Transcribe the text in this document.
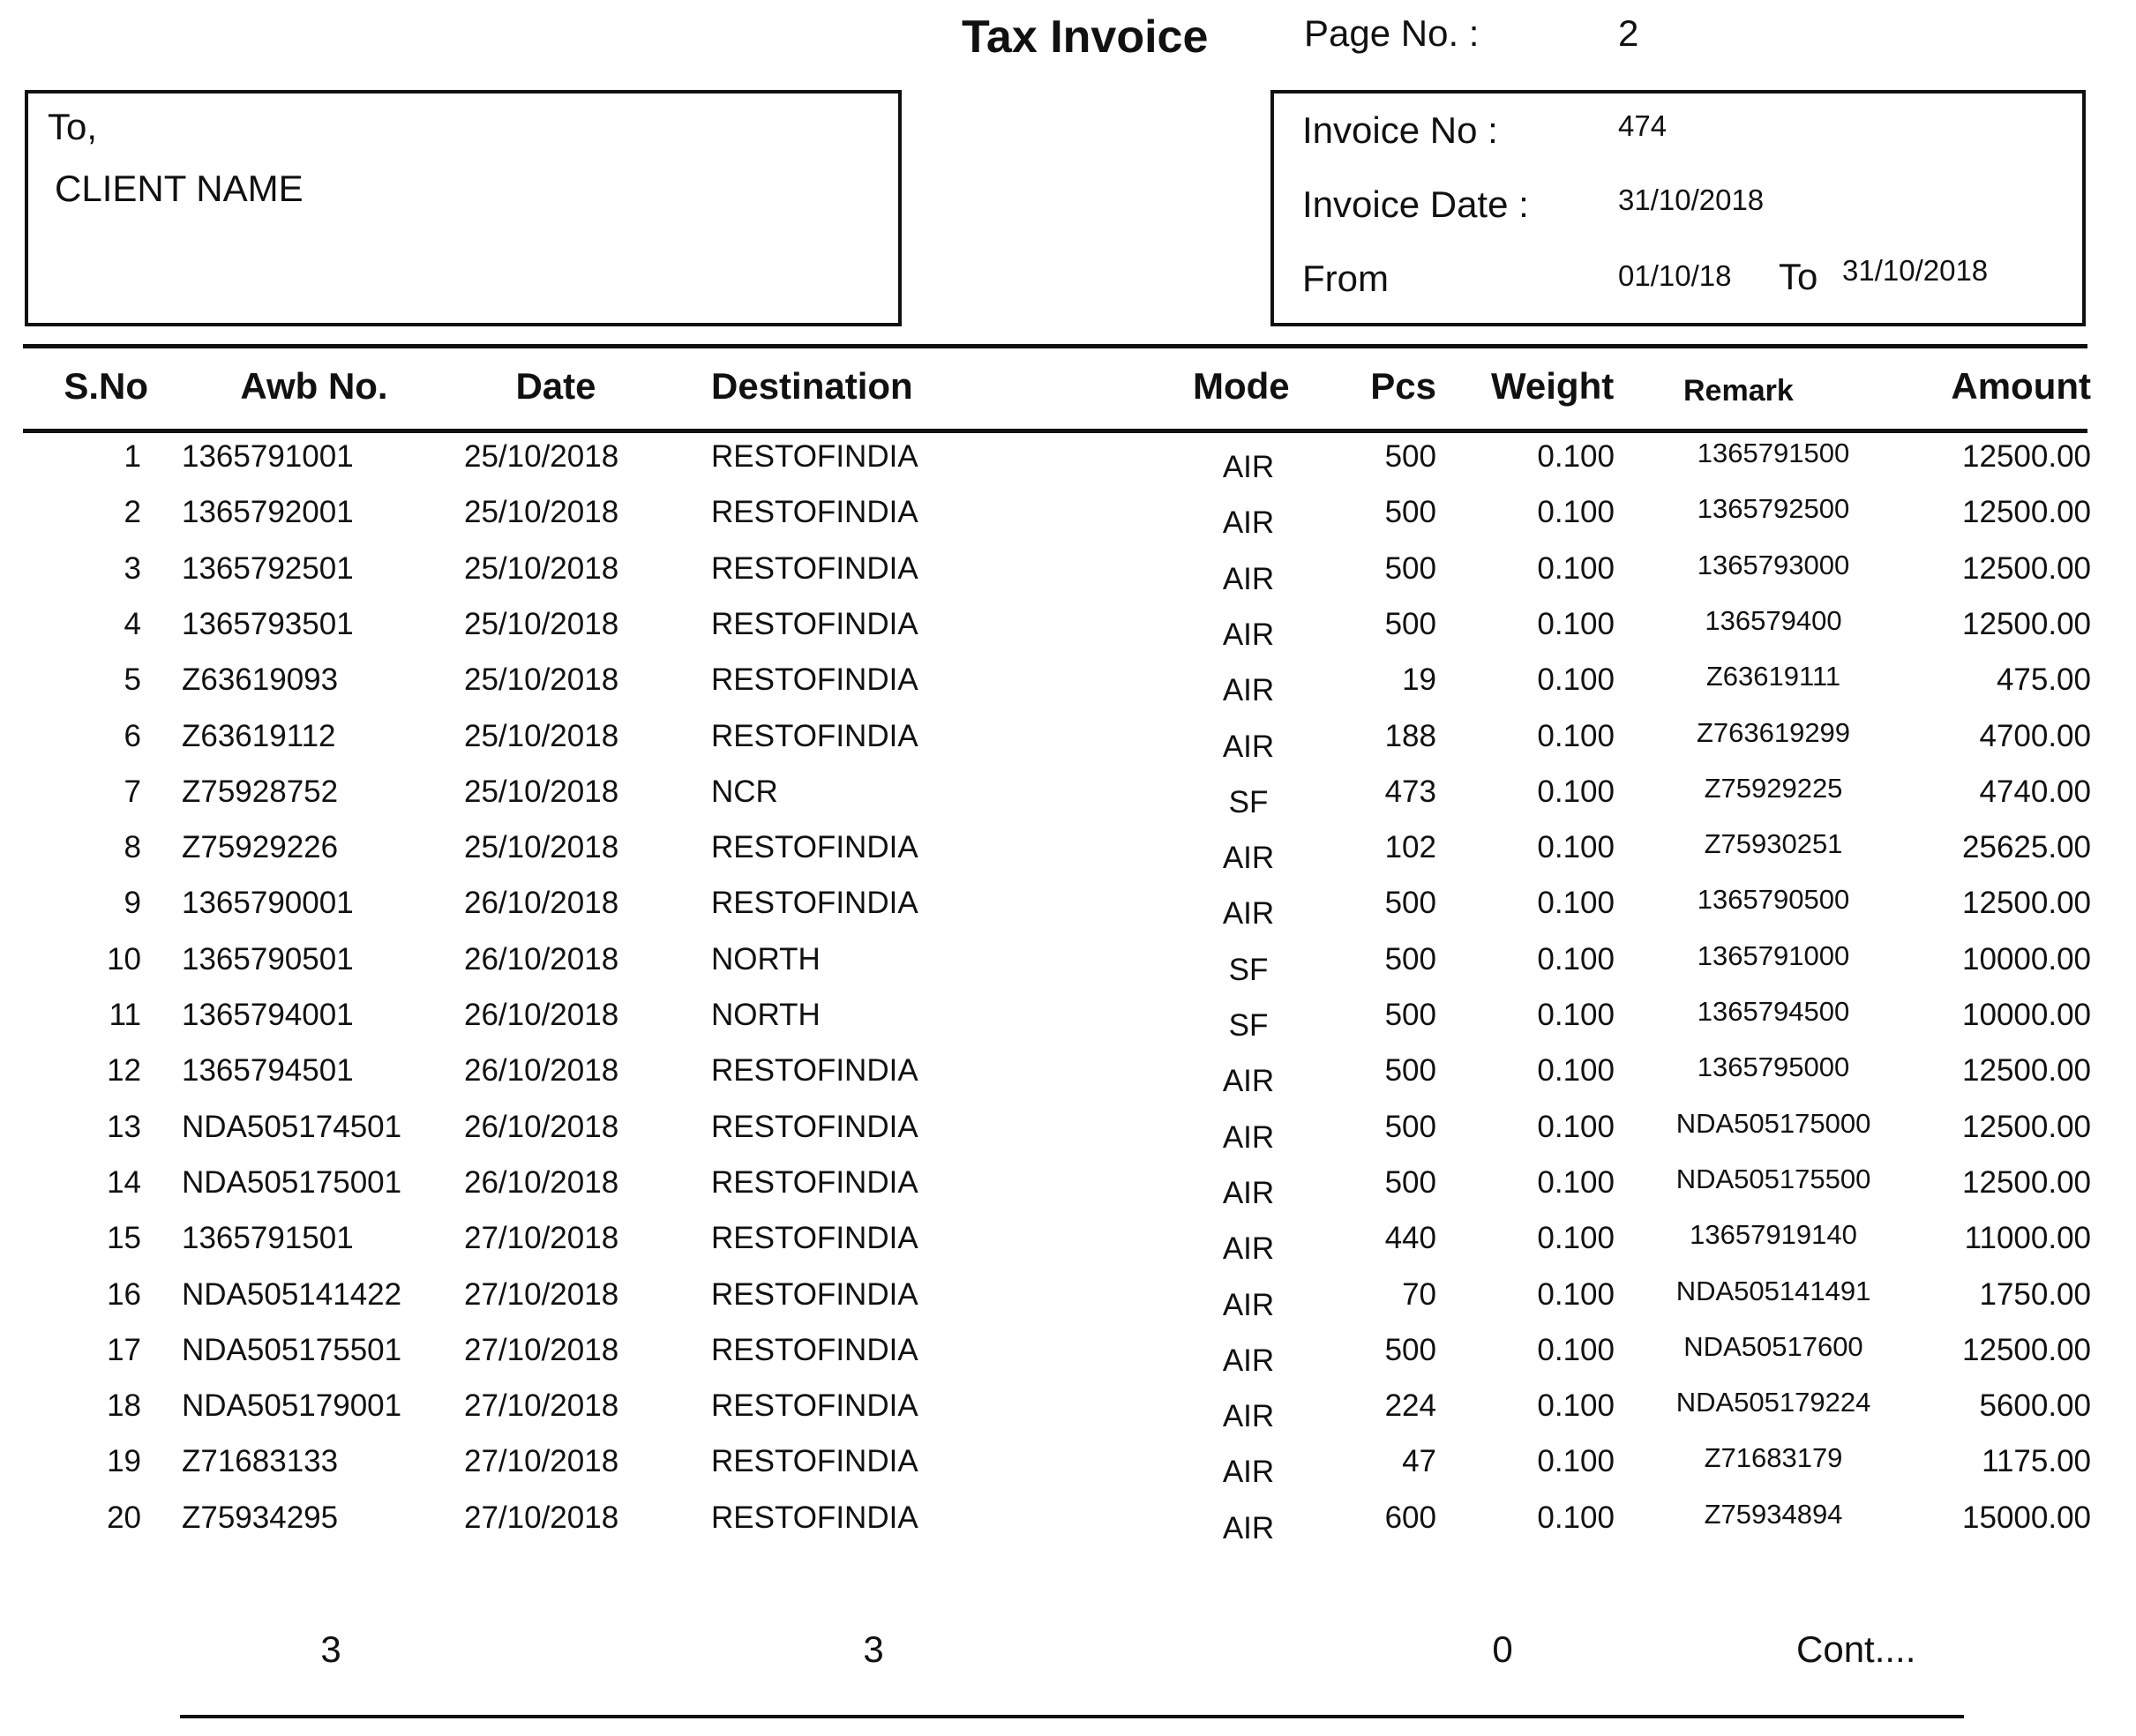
Tax Invoice	Page No. :	2
To,
CLIENT NAME
Invoice No :	474
Invoice Date :	31/10/2018
From	01/10/18 To 31/10/2018
S.No	Awb No.	Date	Destination	Mode	Pcs Weight Remark	Amount
1 1365791001	25/10/2018	RESTOFINDIA	AIR	500	0.100	1365791500	12500.00
2 1365792001	25/10/2018	RESTOFINDIA	AIR	500	0.100	1365792500	12500.00
3 1365792501	25/10/2018	RESTOFINDIA	AIR	500	0.100	1365793000	12500.00
4 1365793501	25/10/2018	RESTOFINDIA	AIR	500	0.100	136579400	12500.00
5 Z63619093	25/10/2018	RESTOFINDIA	AIR	19	0.100	Z63619111	475.00
6 Z63619112	25/10/2018	RESTOFINDIA	AIR	188	0.100	Z763619299	4700.00
7 Z75928752	25/10/2018	NCR	SF	473	0.100	Z75929225	4740.00
8 Z75929226	25/10/2018	RESTOFINDIA	AIR	102	0.100	Z75930251	25625.00
9 1365790001	26/10/2018	RESTOFINDIA	AIR	500	0.100	1365790500	12500.00
10 1365790501	26/10/2018	NORTH	SF	500	0.100	1365791000	10000.00
11 1365794001	26/10/2018	NORTH	SF	500	0.100	1365794500	10000.00
12 1365794501	26/10/2018	RESTOFINDIA	AIR	500	0.100	1365795000	12500.00
13 NDA505174501 26/10/2018	RESTOFINDIA	AIR	500	0.100	NDA505175000	12500.00
14 NDA505175001 26/10/2018	RESTOFINDIA	AIR	500	0.100	NDA505175500	12500.00
15 1365791501	27/10/2018	RESTOFINDIA	AIR	440	0.100	13657919140	11000.00
16 NDA505141422 27/10/2018	RESTOFINDIA	AIR	70	0.100	NDA505141491	1750.00
17 NDA505175501 27/10/2018	RESTOFINDIA	AIR	500	0.100	NDA50517600	12500.00
18 NDA505179001 27/10/2018	RESTOFINDIA	AIR	224	0.100	NDA505179224	5600.00
19 Z71683133	27/10/2018	RESTOFINDIA	AIR	47	0.100	Z71683179	1175.00
20 Z75934295	27/10/2018	RESTOFINDIA	AIR	600	0.100	Z75934894	15000.00
3	3	0	Cont....
